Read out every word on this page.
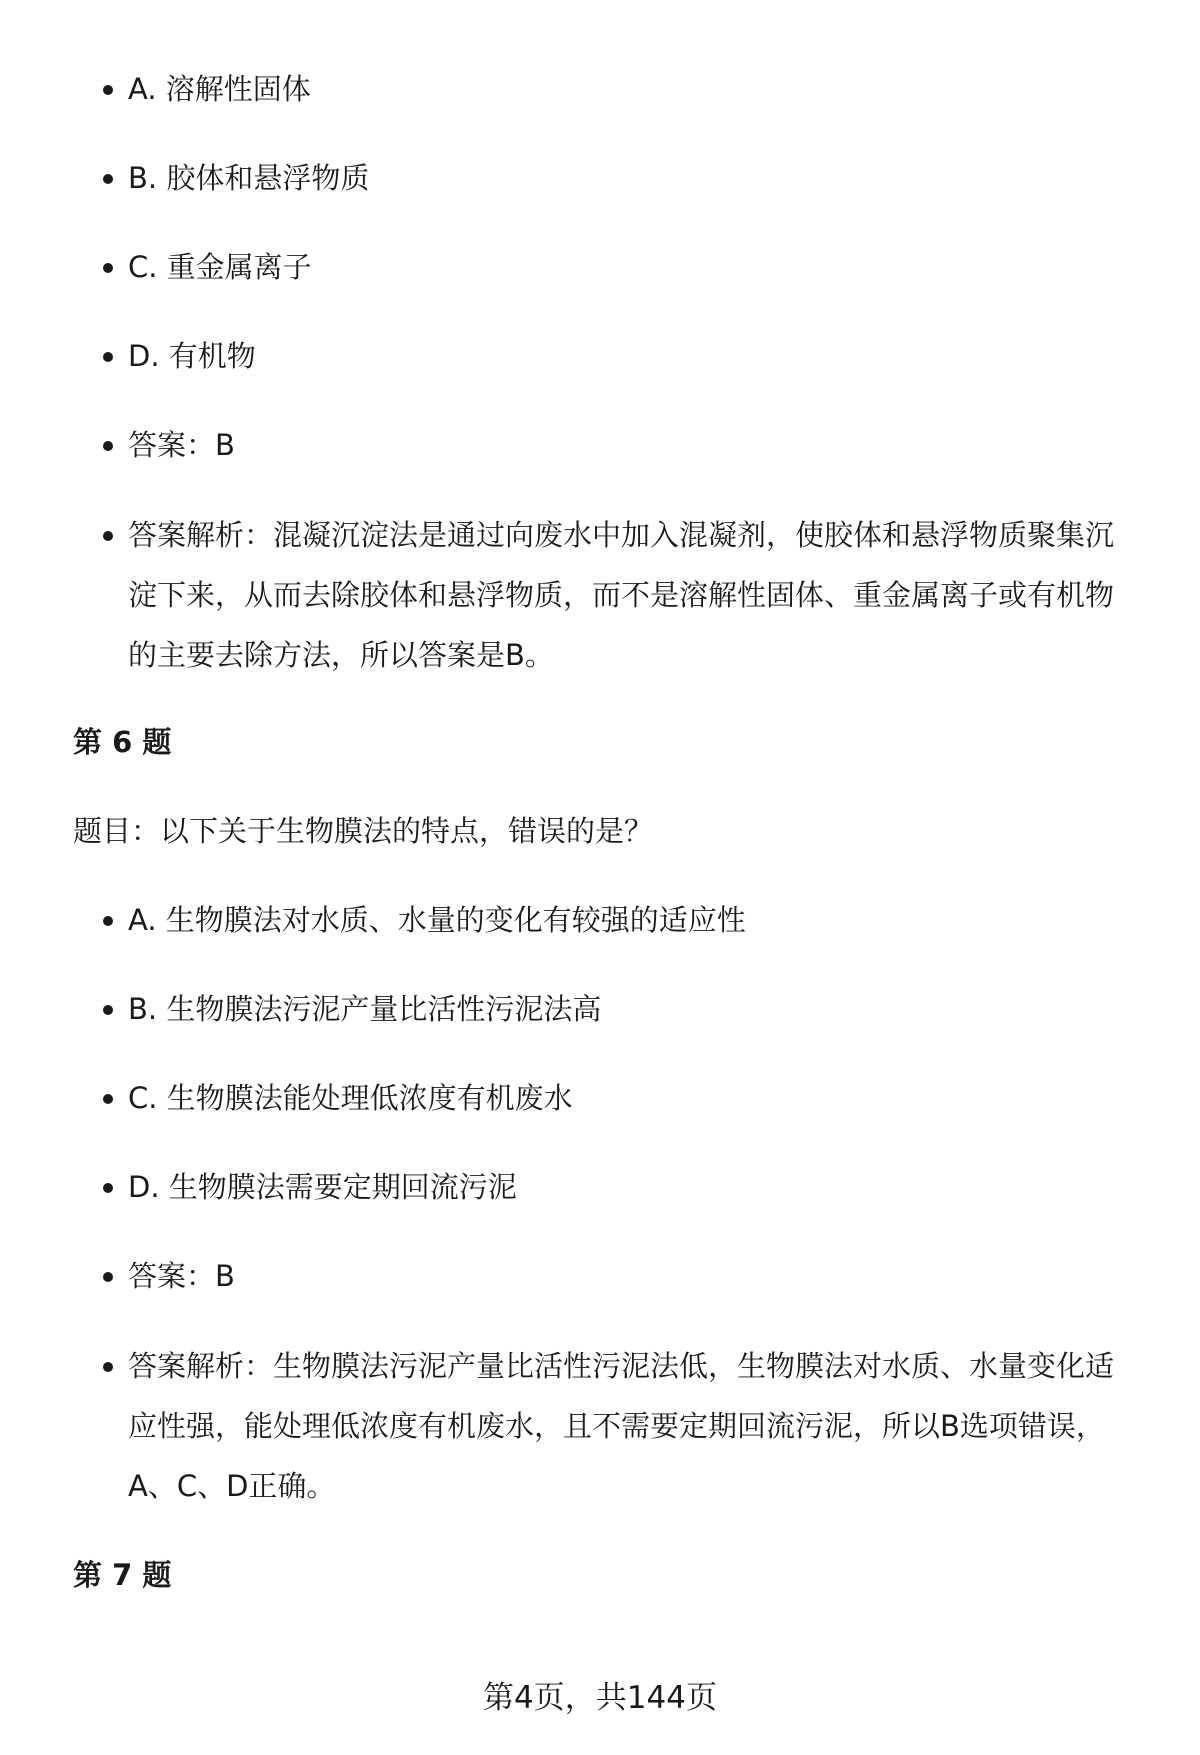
A. 溶解性固体
B. 胶体和悬浮物质
C. 重金属离子
D. 有机物
答案：B
答案解析：混凝沉淀法是通过向废水中加入混凝剂，使胶体和悬浮物质聚集沉淀下来，从而去除胶体和悬浮物质，而不是溶解性固体、重金属离子或有机物的主要去除方法，所以答案是B。
第 6 题
题目：以下关于生物膜法的特点，错误的是？
A. 生物膜法对水质、水量的变化有较强的适应性
B. 生物膜法污泥产量比活性污泥法高
C. 生物膜法能处理低浓度有机废水
D. 生物膜法需要定期回流污泥
答案：B
答案解析：生物膜法污泥产量比活性污泥法低，生物膜法对水质、水量变化适应性强，能处理低浓度有机废水，且不需要定期回流污泥，所以B选项错误，A、C、D正确。
第 7 题
第4页，共144页
